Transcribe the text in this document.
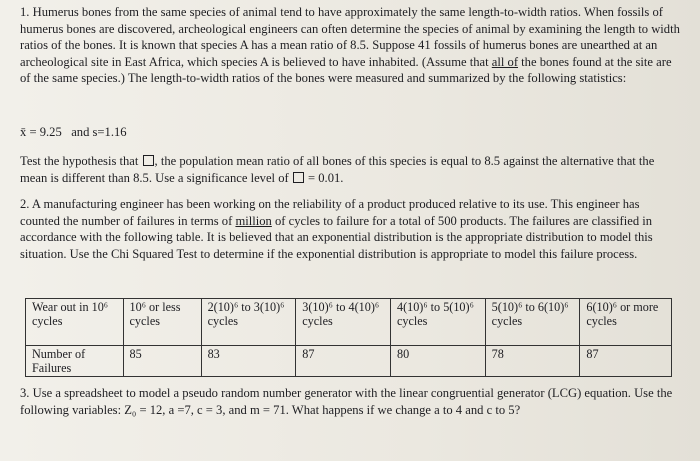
1. Humerus bones from the same species of animal tend to have approximately the same length-to-width ratios. When fossils of humerus bones are discovered, archeological engineers can often determine the species of animal by examining the length to width ratios of the bones. It is known that species A has a mean ratio of 8.5. Suppose 41 fossils of humerus bones are unearthed at an archeological site in East Africa, which species A is believed to have inhabited. (Assume that all of the bones found at the site are of the same species.) The length-to-width ratios of the bones were measured and summarized by the following statistics:

x̄ = 9.25 and s=1.16

Test the hypothesis that , the population mean ratio of all bones of this species is equal to 8.5 against the alternative that the mean is different than 8.5. Use a significance level of  = 0.01.

2. A manufacturing engineer has been working on the reliability of a product produced relative to its use. This engineer has counted the number of failures in terms of million of cycles to failure for a total of 500 products. The failures are classified in accordance with the following table. It is believed that an exponential distribution is the appropriate distribution to model this situation. Use the Chi Squared Test to determine if the exponential distribution is appropriate to model this failure process.

Wear out in 10⁶ cycles	10⁶ or less cycles	2(10)⁶ to 3(10)⁶ cycles	3(10)⁶ to 4(10)⁶ cycles	4(10)⁶ to 5(10)⁶ cycles	5(10)⁶ to 6(10)⁶ cycles	6(10)⁶ or more cycles
Number of Failures	85	83	87	80	78	87

3. Use a spreadsheet to model a pseudo random number generator with the linear congruential generator (LCG) equation. Use the following variables: Z₀ = 12, a =7, c = 3, and m = 71. What happens if we change a to 4 and c to 5?
